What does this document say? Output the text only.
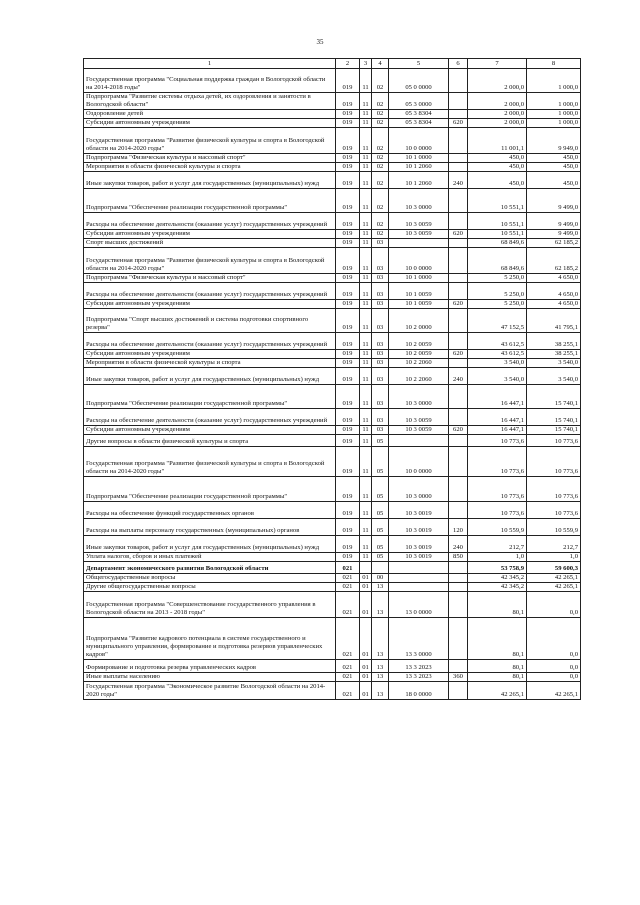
35
1	2	3	4	5	6	7	8
Государственная программа "Социальная поддержка граждан в Вологодской области на 2014-2018 годы"	019	11	02	05 0 0000		2 000,0	1 000,0
Подпрограмма "Развитие системы отдыха детей, их оздоровления и занятости в Вологодской области"	019	11	02	05 3 0000		2 000,0	1 000,0
Оздоровление детей	019	11	02	05 3 8304		2 000,0	1 000,0
Субсидии автономным учреждениям	019	11	02	05 3 8304	620	2 000,0	1 000,0
Государственная программа "Развитие физической культуры и спорта в Вологодской области на 2014-2020 годы"	019	11	02	10 0 0000		11 001,1	9 949,0
Подпрограмма "Физическая культура и массовый спорт"	019	11	02	10 1 0000		450,0	450,0
Мероприятия в области физической культуры и спорта	019	11	02	10 1 2060		450,0	450,0
Иные закупки товаров, работ и услуг для государственных (муниципальных) нужд	019	11	02	10 1 2060	240	450,0	450,0
Подпрограмма "Обеспечение реализации государственной программы"	019	11	02	10 3 0000		10 551,1	9 499,0
Расходы на обеспечение деятельности (оказание услуг) государственных учреждений	019	11	02	10 3 0059		10 551,1	9 499,0
Субсидии автономным учреждениям	019	11	02	10 3 0059	620	10 551,1	9 499,0
Спорт высших достижений	019	11	03			68 849,6	62 185,2
Государственная программа "Развитие физической культуры и спорта в Вологодской области на 2014-2020 годы"	019	11	03	10 0 0000		68 849,6	62 185,2
Подпрограмма "Физическая культура и массовый спорт"	019	11	03	10 1 0000		5 250,0	4 650,0
Расходы на обеспечение деятельности (оказание услуг) государственных учреждений	019	11	03	10 1 0059		5 250,0	4 650,0
Субсидии автономным учреждениям	019	11	03	10 1 0059	620	5 250,0	4 650,0
Подпрограмма "Спорт высших достижений и система подготовки спортивного резерва"	019	11	03	10 2 0000		47 152,5	41 795,1
Расходы на обеспечение деятельности (оказание услуг) государственных учреждений	019	11	03	10 2 0059		43 612,5	38 255,1
Субсидии автономным учреждениям	019	11	03	10 2 0059	620	43 612,5	38 255,1
Мероприятия в области физической культуры и спорта	019	11	03	10 2 2060		3 540,0	3 540,0
Иные закупки товаров, работ и услуг для государственных (муниципальных) нужд	019	11	03	10 2 2060	240	3 540,0	3 540,0
Подпрограмма "Обеспечение реализации государственной программы"	019	11	03	10 3 0000		16 447,1	15 740,1
Расходы на обеспечение деятельности (оказание услуг) государственных учреждений	019	11	03	10 3 0059		16 447,1	15 740,1
Субсидии автономным учреждениям	019	11	03	10 3 0059	620	16 447,1	15 740,1
Другие вопросы в области физической культуры и спорта	019	11	05			10 773,6	10 773,6
Государственная программа "Развитие физической культуры и спорта в Вологодской области на 2014-2020 годы"	019	11	05	10 0 0000		10 773,6	10 773,6
Подпрограмма "Обеспечение реализации государственной программы"	019	11	05	10 3 0000		10 773,6	10 773,6
Расходы на обеспечение функций государственных органов	019	11	05	10 3 0019		10 773,6	10 773,6
Расходы на выплаты персоналу государственных (муниципальных) органов	019	11	05	10 3 0019	120	10 559,9	10 559,9
Иные закупки товаров, работ и услуг для государственных (муниципальных) нужд	019	11	05	10 3 0019	240	212,7	212,7
Уплата налогов, сборов и иных платежей	019	11	05	10 3 0019	850	1,0	1,0
Департамент экономического развития Вологодской области	021					53 758,9	59 600,3
Общегосударственные вопросы	021	01	00			42 345,2	42 265,1
Другие общегосударственные вопросы	021	01	13			42 345,2	42 265,1
Государственная программа "Совершенствование государственного управления в Вологодской области на 2013 - 2018 годы"	021	01	13	13 0 0000		80,1	0,0
Подпрограмма "Развитие кадрового потенциала в системе государственного и муниципального управления, формирование и подготовка резервов управленческих кадров"	021	01	13	13 3 0000		80,1	0,0
Формирование и подготовка резерва управленческих кадров	021	01	13	13 3 2023		80,1	0,0
Иные выплаты населению	021	01	13	13 3 2023	360	80,1	0,0
Государственная программа "Экономическое развитие Вологодской области на 2014-2020 годы"	021	01	13	18 0 0000		42 265,1	42 265,1
